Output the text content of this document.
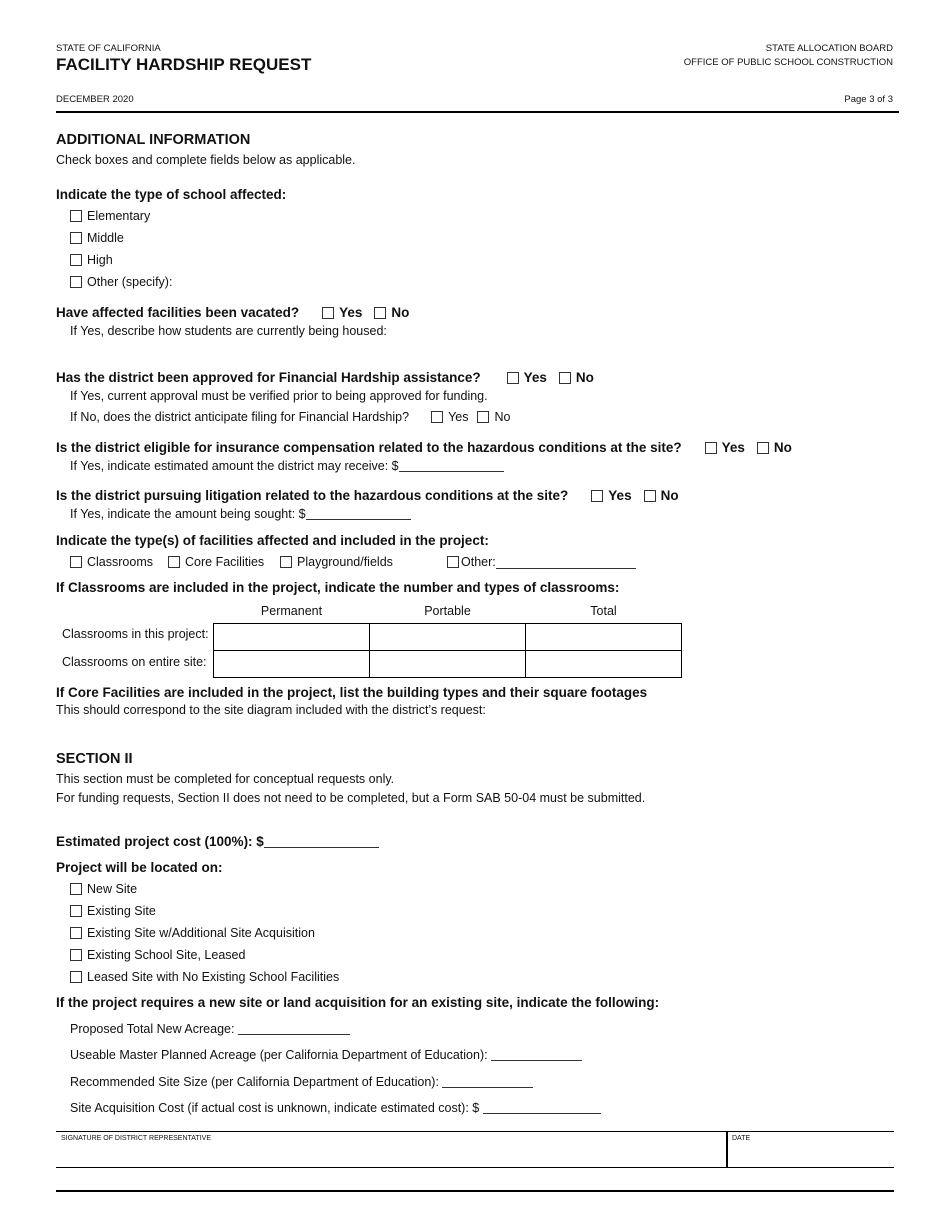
STATE OF CALIFORNIA
FACILITY HARDSHIP REQUEST
DECEMBER 2020
STATE ALLOCATION BOARD
OFFICE OF PUBLIC SCHOOL CONSTRUCTION
Page 3 of 3
ADDITIONAL INFORMATION
Check boxes and complete fields below as applicable.
Indicate the type of school affected:
Elementary
Middle
High
Other (specify):
Have affected facilities been vacated?	Yes No
If Yes, describe how students are currently being housed:
Has the district been approved for Financial Hardship assistance?	Yes No
If Yes, current approval must be verified prior to being approved for funding.
If No, does the district anticipate filing for Financial Hardship?	Yes No
Is the district eligible for insurance compensation related to the hazardous conditions at the site?	Yes No
If Yes, indicate estimated amount the district may receive: $
Is the district pursuing litigation related to the hazardous conditions at the site?	Yes No
If Yes, indicate the amount being sought: $
Indicate the type(s) of facilities affected and included in the project:
Classrooms	Core Facilities	Playground/fields	Other:
If Classrooms are included in the project, indicate the number and types of classrooms:
Permanent	Portable	Total
Classrooms in this project:
Classrooms on entire site:
If Core Facilities are included in the project, list the building types and their square footages
This should correspond to the site diagram included with the district’s request:
SECTION II
This section must be completed for conceptual requests only.
For funding requests, Section II does not need to be completed, but a Form SAB 50-04 must be submitted.
Estimated project cost (100%): $
Project will be located on:
New Site
Existing Site
Existing Site w/Additional Site Acquisition
Existing School Site, Leased
Leased Site with No Existing School Facilities
If the project requires a new site or land acquisition for an existing site, indicate the following:
Proposed Total New Acreage:
Useable Master Planned Acreage (per California Department of Education):
Recommended Site Size (per California Department of Education):
Site Acquisition Cost (if actual cost is unknown, indicate estimated cost): $
SIGNATURE OF DISTRICT REPRESENTATIVE	DATE
